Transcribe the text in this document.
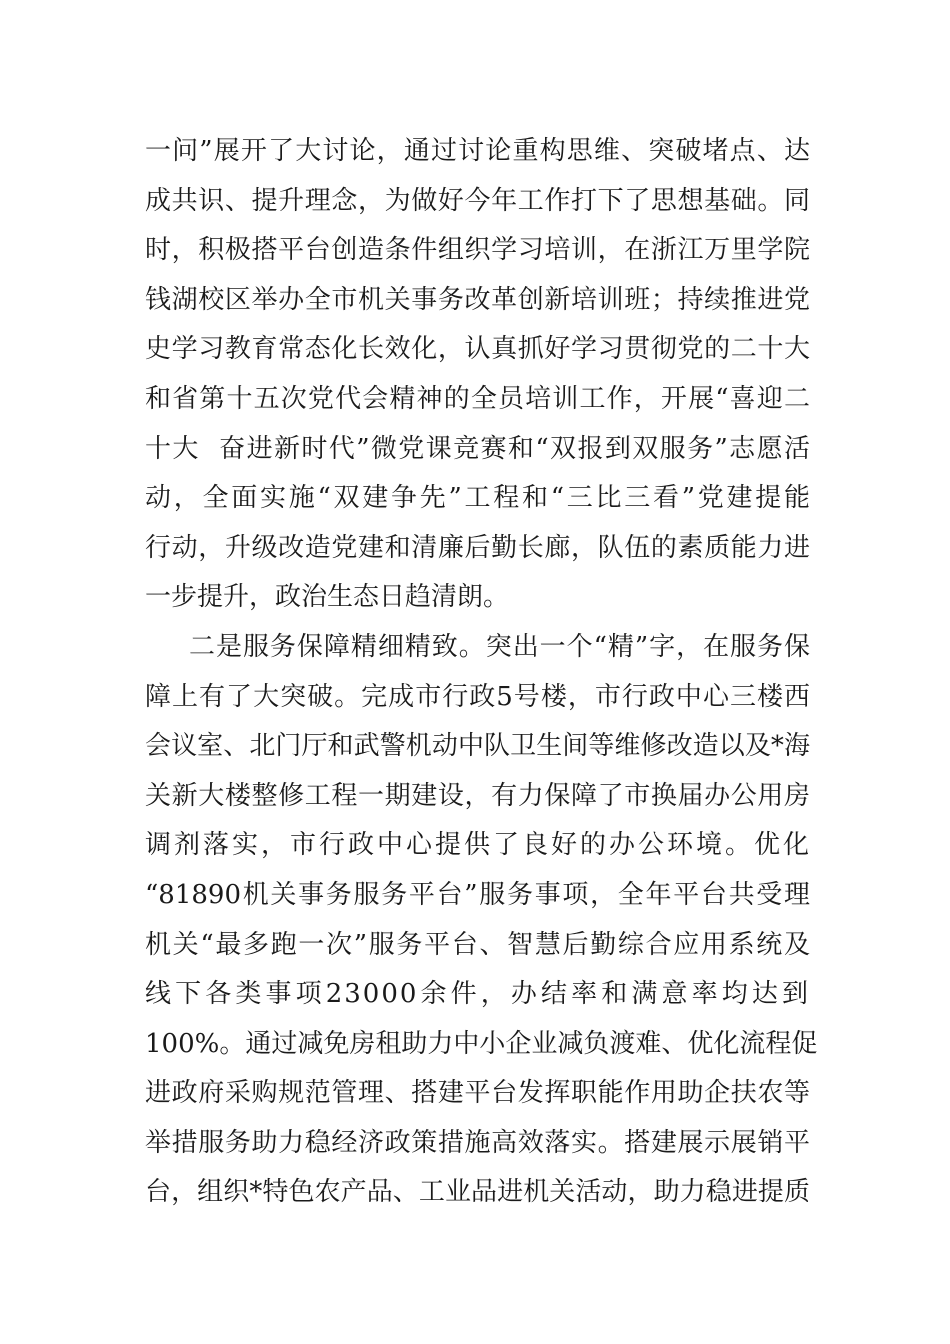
一问”展开了大讨论，通过讨论重构思维、突破堵点、达
成共识、提升理念，为做好今年工作打下了思想基础。同
时，积极搭平台创造条件组织学习培训，在浙江万里学院
钱湖校区举办全市机关事务改革创新培训班；持续推进党
史学习教育常态化长效化，认真抓好学习贯彻党的二十大
和省第十五次党代会精神的全员培训工作，开展“喜迎二
十大  奋进新时代”微党课竞赛和“双报到双服务”志愿活
动，全面实施“双建争先”工程和“三比三看”党建提能
行动，升级改造党建和清廉后勤长廊，队伍的素质能力进
一步提升，政治生态日趋清朗。
二是服务保障精细精致。突出一个“精”字，在服务保
障上有了大突破。完成市行政5号楼，市行政中心三楼西
会议室、北门厅和武警机动中队卫生间等维修改造以及*海
关新大楼整修工程一期建设，有力保障了市换届办公用房
调剂落实，市行政中心提供了良好的办公环境。优化
“81890机关事务服务平台”服务事项，全年平台共受理
机关“最多跑一次”服务平台、智慧后勤综合应用系统及
线下各类事项23000余件，办结率和满意率均达到
100%。通过减免房租助力中小企业减负渡难、优化流程促
进政府采购规范管理、搭建平台发挥职能作用助企扶农等
举措服务助力稳经济政策措施高效落实。搭建展示展销平
台，组织*特色农产品、工业品进机关活动，助力稳进提质
